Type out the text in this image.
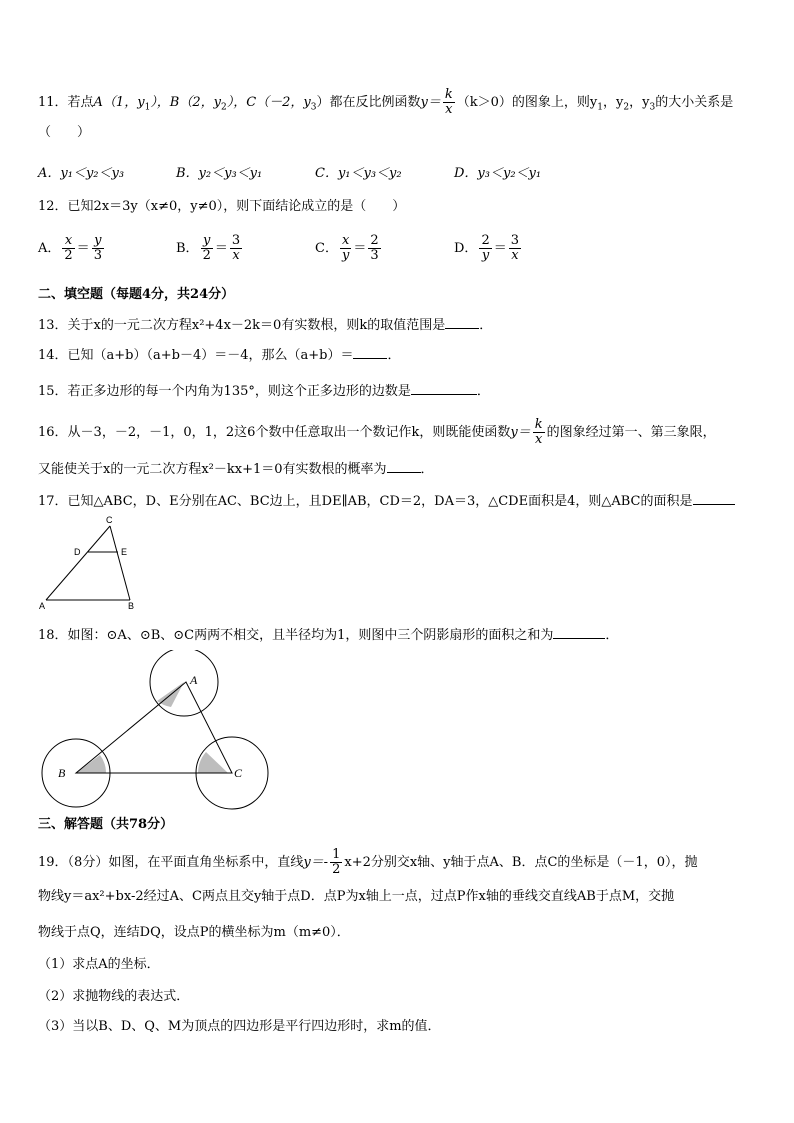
11．若点A（1，$y_1$），B（2，$y_2$），C（－2，$y_3$）都在反比例函数$y= \frac{k}{x} (k>0)$的图象上，则$y_1$，$y_2$，$y_3$的大小关系是
（　　）
A．y₁＜y₂＜y₃	B．y₂＜y₃＜y₁	C．y₁＜y₃＜y₂	D．y₃＜y₂＜y₁
12．已知2x＝3y（x≠0，y≠0），则下面结论成立的是（　　）
A． $\frac{x}{2} = \frac{y}{3}$	B． $\frac{y}{2} = \frac{3}{x}$	C． $\frac{x}{y} = \frac{2}{3}$	D． $\frac{2}{y} = \frac{3}{x}$
二、填空题（每题4分，共24分）
13．关于x的一元二次方程x²+4x－2k＝0有实数根，则k的取值范围是	．
14．已知（a+b）（a+b－4）＝－4，那么（a+b）＝	．
15．若正多边形的每一个内角为135°，则这个正多边形的边数是	．
16．从－3，－2，－1，0，1，2这6个数中任意取出一个数记作k，则既能使函数$y= \frac{k}{x}$ 的图象经过第一、第三象限，
又能使关于x的一元二次方程x²－kx+1＝0有实数根的概率为	．
17．已知△ABC，D、E分别在AC、BC边上，且DE∥AB，CD＝2，DA＝3，△CDE面积是4，则△ABC的面积是
C
D	E
A	B
18．如图：⊙A、⊙B、⊙C两两不相交，且半径均为1，则图中三个阴影扇形的面积之和为	．
A
B	C
三、解答题（共78分）
19．（8分）如图，在平面直角坐标系中，直线$y=- \frac{1}{2} x+2$分别交x轴、y轴于点A、B．点C的坐标是（－1，0），抛
物线y＝ax²+bx-2经过A、C两点且交y轴于点D．点P为x轴上一点，过点P作x轴的垂线交直线AB于点M，交抛
物线于点Q，连结DQ，设点P的横坐标为m（m≠0）．
（1）求点A的坐标．
（2）求抛物线的表达式．
（3）当以B、D、Q、M为顶点的四边形是平行四边形时，求m的值．
